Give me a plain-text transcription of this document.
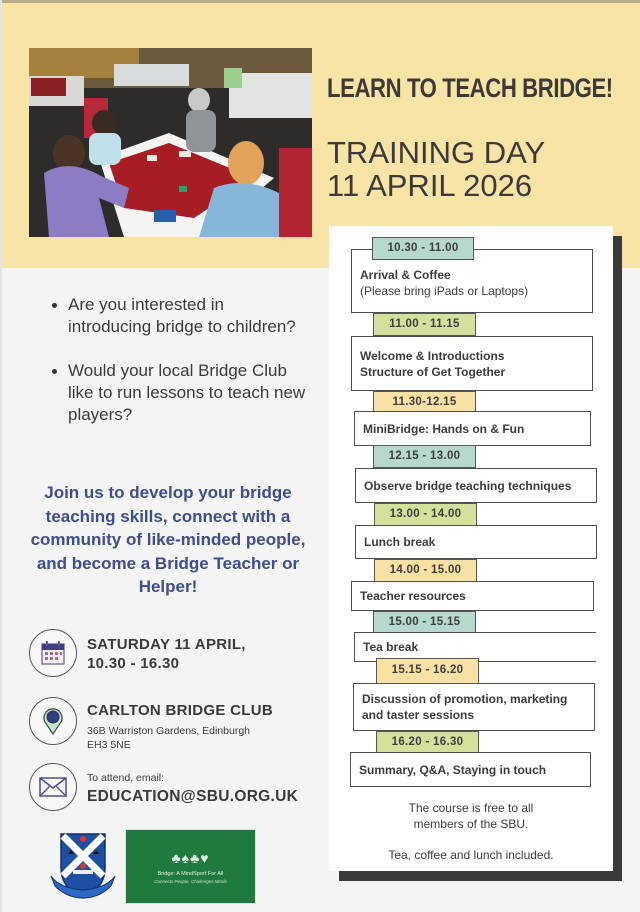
LEARN TO TEACH BRIDGE!
TRAINING DAY
11 APRIL 2026
Are you interested in introducing bridge to children?
Would your local Bridge Club like to run lessons to teach new players?
Join us to develop your bridge teaching skills, connect with a community of like-minded people, and become a Bridge Teacher or Helper!
SATURDAY 11 APRIL,
10.30 - 16.30
CARLTON BRIDGE CLUB
36B Warriston Gardens, Edinburgh
EH3 5NE
To attend, email:
EDUCATION@SBU.ORG.UK
♣♠♣♥
Bridge: A MindSport For All
Connects People. Challenges Minds
Arrival & Coffee
(Please bring iPads or Laptops)
10.30 - 11.00
11.00 - 11.15
Welcome & Introductions
Structure of Get Together
11.30-12.15
MiniBridge: Hands on & Fun
12.15 - 13.00
Observe bridge teaching techniques
13.00 - 14.00
Lunch break
14.00 - 15.00
Teacher resources
15.00 - 15.15
Tea break
Discussion of promotion, marketing
and taster sessions
15.15 - 16.20
16.20 - 16.30
Summary, Q&A, Staying in touch
The course is free to all
members of the SBU.
Tea, coffee and lunch included.
